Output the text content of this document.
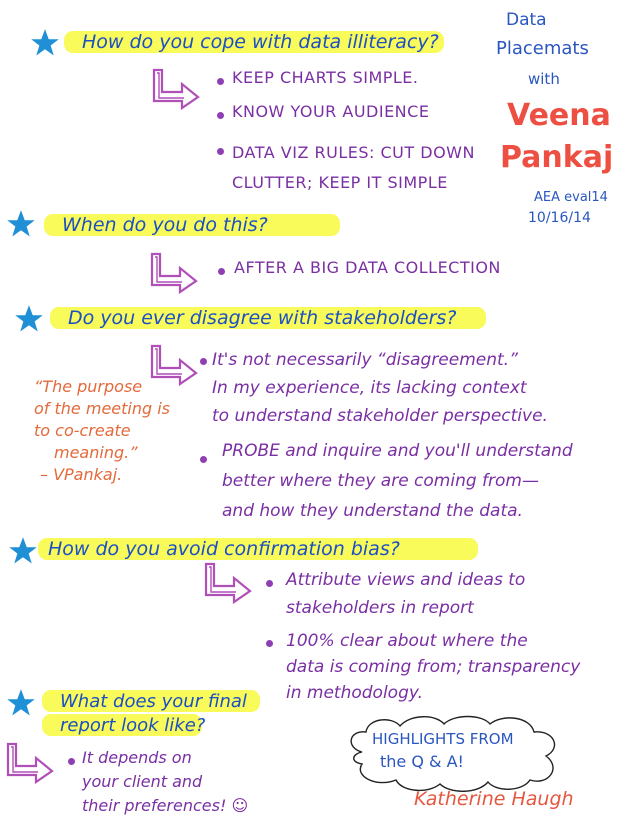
Data
Placemats
with
Veena
Pankaj
AEA eval14
10/16/14
How do you cope with data illiteracy?
KEEP CHARTS SIMPLE.
KNOW YOUR AUDIENCE
DATA VIZ RULES: CUT DOWN
CLUTTER; KEEP IT SIMPLE
When do you do this?
AFTER A BIG DATA COLLECTION
Do you ever disagree with stakeholders?
It's not necessarily “disagreement.”
In my experience, its lacking context
to understand stakeholder perspective.
PROBE and inquire and you'll understand
better where they are coming from—
and how they understand the data.
“The purpose
of the meeting is
to co-create
meaning.”
– VPankaj.
How do you avoid confirmation bias?
Attribute views and ideas to
stakeholders in report
100% clear about where the
data is coming from; transparency
in methodology.
What does your final
report look like?
It depends on
your client and
their preferences! ☺
HIGHLIGHTS FROM
the Q & A!
Katherine Haugh
